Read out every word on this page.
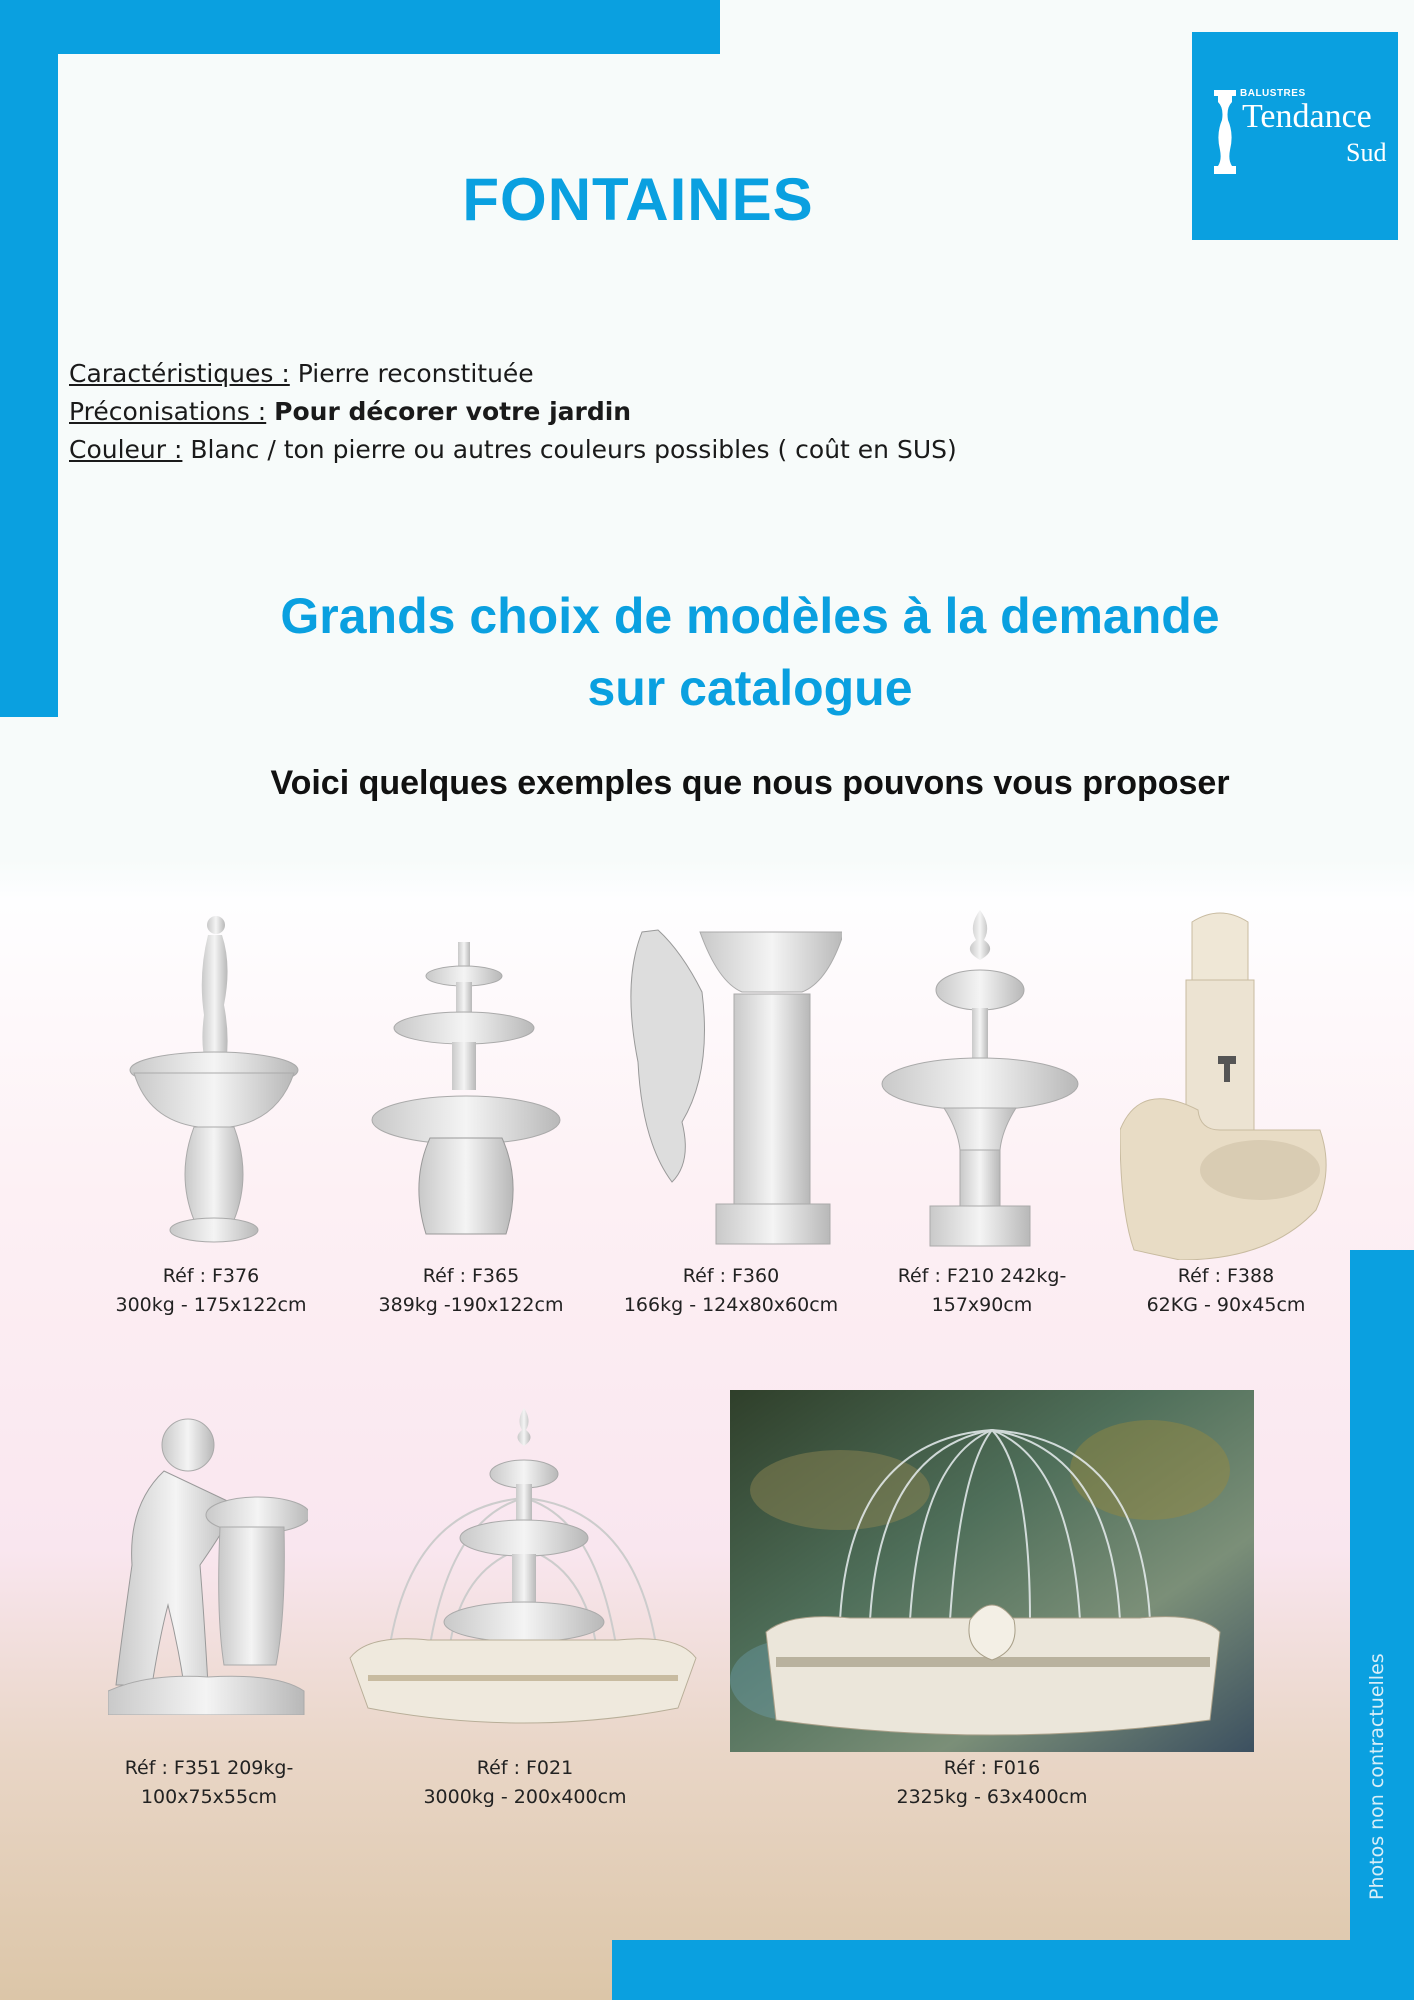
BALUSTRES
Tendance
Sud
FONTAINES
Caractéristiques : Pierre reconstituée
Préconisations : Pour décorer votre jardin
Couleur : Blanc / ton pierre ou autres couleurs possibles ( coût en SUS)
Grands choix de modèles à la demande
sur catalogue
Voici quelques exemples que nous pouvons vous proposer
Réf : F376
300kg - 175x122cm
Réf : F365
389kg -190x122cm
Réf : F360
166kg - 124x80x60cm
Réf : F210 242kg-
157x90cm
Réf : F388
62KG - 90x45cm
Réf : F351 209kg-
100x75x55cm
Réf : F021
3000kg - 200x400cm
Réf : F016
2325kg - 63x400cm	Photos non contractuelles
